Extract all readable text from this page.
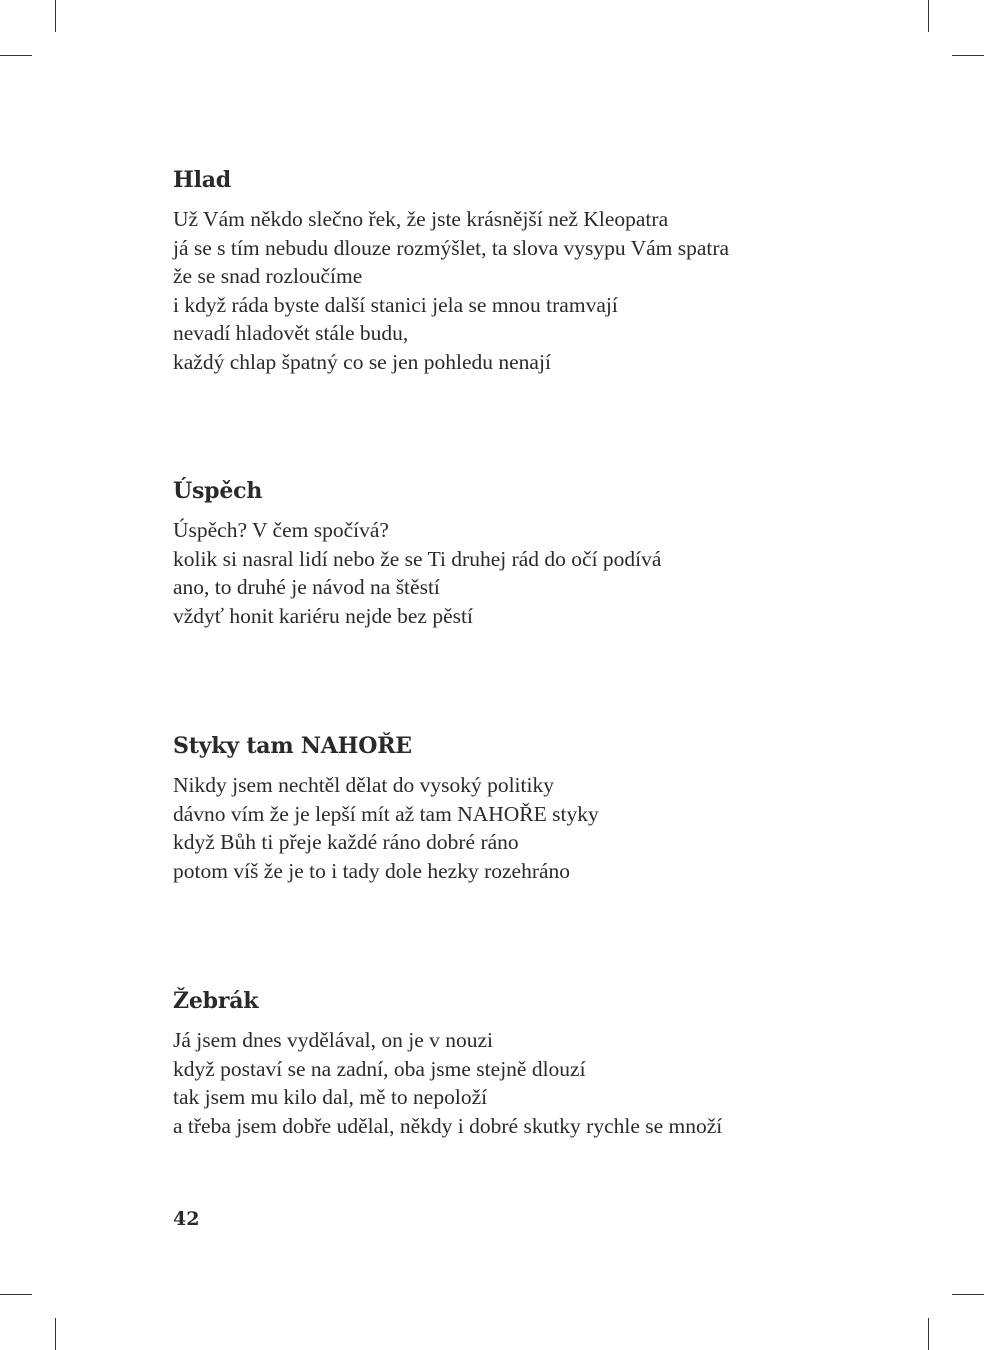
Hlad
Už Vám někdo slečno řek, že jste krásnější než Kleopatra
já se s tím nebudu dlouze rozmýšlet, ta slova vysypu Vám spatra
že se snad rozloučíme
i když ráda byste další stanici jela se mnou tramvají
nevadí hladovět stále budu,
každý chlap špatný co se jen pohledu nenají
Úspěch
Úspěch? V čem spočívá?
kolik si nasral lidí nebo že se Ti druhej rád do očí podívá
ano, to druhé je návod na štěstí
vždyť honit kariéru nejde bez pěstí
Styky tam NAHOŘE
Nikdy jsem nechtěl dělat do vysoký politiky
dávno vím že je lepší mít až tam NAHOŘE styky
když Bůh ti přeje každé ráno dobré ráno
potom víš že je to i tady dole hezky rozehráno
Žebrák
Já jsem dnes vydělával, on je v nouzi
když postaví se na zadní, oba jsme stejně dlouzí
tak jsem mu kilo dal, mě to nepoloží
a třeba jsem dobře udělal, někdy i dobré skutky rychle se množí
42
